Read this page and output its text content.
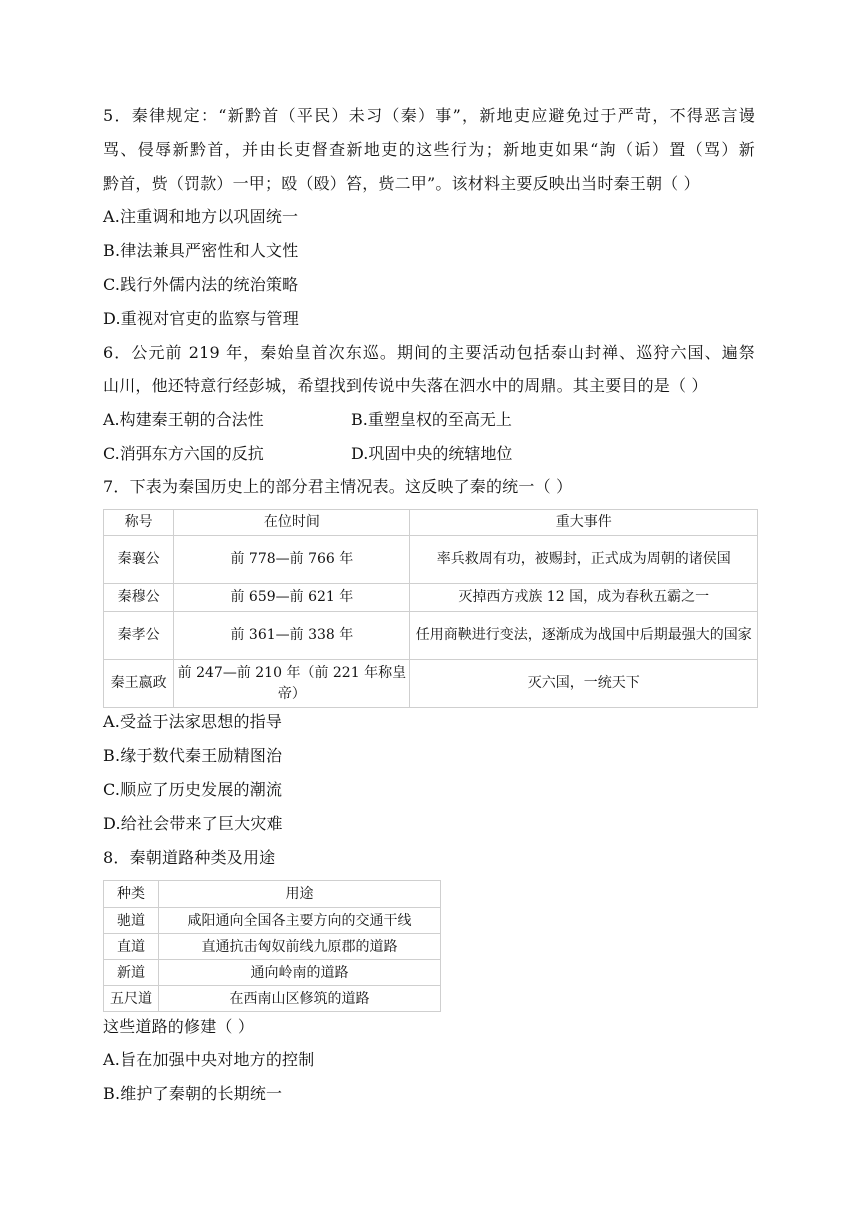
5．秦律规定：“新黔首（平民）未习（秦）事”，新地吏应避免过于严苛，不得恶言谩
骂、侵辱新黔首，并由长吏督查新地吏的这些行为；新地吏如果“訽（诟）置（骂）新
黔首，赀（罚款）一甲；殴（殴）笞，赀二甲”。该材料主要反映出当时秦王朝（ ）
A.注重调和地方以巩固统一
B.律法兼具严密性和人文性
C.践行外儒内法的统治策略
D.重视对官吏的监察与管理
6．公元前 219 年，秦始皇首次东巡。期间的主要活动包括泰山封禅、巡狩六国、遍祭
山川，他还特意行经彭城，希望找到传说中失落在泗水中的周鼎。其主要目的是（ ）
A.构建秦王朝的合法性	B.重塑皇权的至高无上
C.消弭东方六国的反抗	D.巩固中央的统辖地位
7．下表为秦国历史上的部分君主情况表。这反映了秦的统一（ ）
称号	在位时间	重大事件
秦襄公	前 778—前 766 年	率兵救周有功，被赐封，正式成为周朝的诸侯国
秦穆公	前 659—前 621 年	灭掉西方戎族 12 国，成为春秋五霸之一
秦孝公	前 361—前 338 年	任用商鞅进行变法，逐渐成为战国中后期最强大的国家
秦王嬴政	前 247—前 210 年（前 221 年称皇帝）	灭六国，一统天下
A.受益于法家思想的指导
B.缘于数代秦王励精图治
C.顺应了历史发展的潮流
D.给社会带来了巨大灾难
8．秦朝道路种类及用途
种类	用途
驰道	咸阳通向全国各主要方向的交通干线
直道	直通抗击匈奴前线九原郡的道路
新道	通向岭南的道路
五尺道	在西南山区修筑的道路
这些道路的修建（ ）
A.旨在加强中央对地方的控制
B.维护了秦朝的长期统一
